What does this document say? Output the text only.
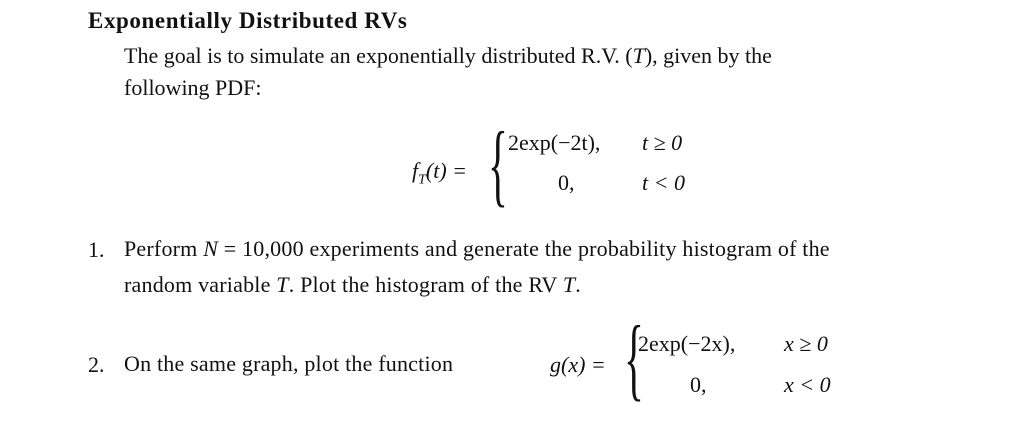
Exponentially Distributed RVs
The goal is to simulate an exponentially distributed R.V. (T), given by the
following PDF:
$f_T(t)$ = { 2exp(−2t), t ≥ 0
0,	t < 0
1. Perform N = 10,000 experiments and generate the probability histogram of the
random variable T. Plot the histogram of the RV T.
2. On the same graph, plot the function	g(x) = {
2exp(−2x), x ≥ 0
0,	x < 0
